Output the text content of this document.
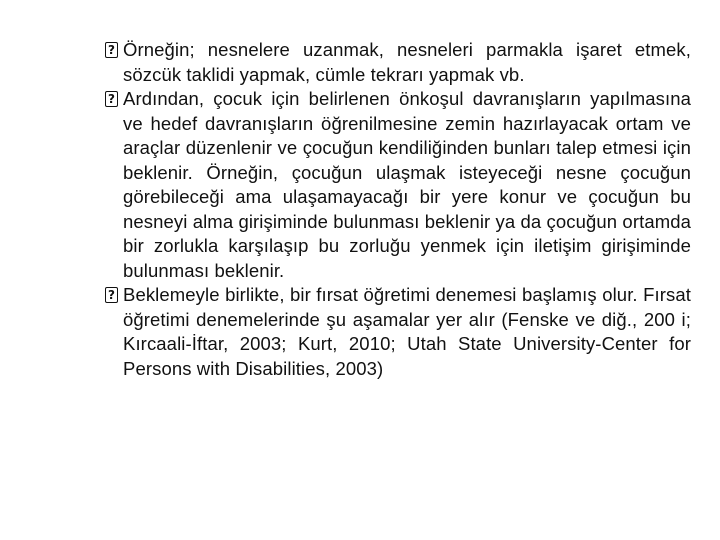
? Örneğin; nesnelere uzanmak, nesneleri parmakla işaret etmek, sözcük taklidi yapmak, cümle tekrarı yapmak vb.

? Ardından, çocuk için belirlenen önkoşul davranışların yapılmasına ve hedef davranışların öğrenilmesine zemin hazırlayacak ortam ve araçlar düzenlenir ve çocuğun kendiliğinden bunları talep etmesi için beklenir. Örneğin, çocuğun ulaşmak isteyeceği nesne çocuğun görebileceği ama ulaşamayacağı bir yere konur ve çocuğun bu nesneyi alma girişiminde bulunması beklenir ya da çocuğun ortamda bir zorlukla karşılaşıp bu zorluğu yenmek için iletişim girişiminde bulunması beklenir.

? Beklemeyle birlikte, bir fırsat öğretimi denemesi başlamış olur. Fırsat öğretimi denemelerinde şu aşamalar yer alır (Fenske ve diğ., 200 i; Kırcaali-İftar, 2003; Kurt, 2010; Utah State University-Center for Persons with Disabilities, 2003)
